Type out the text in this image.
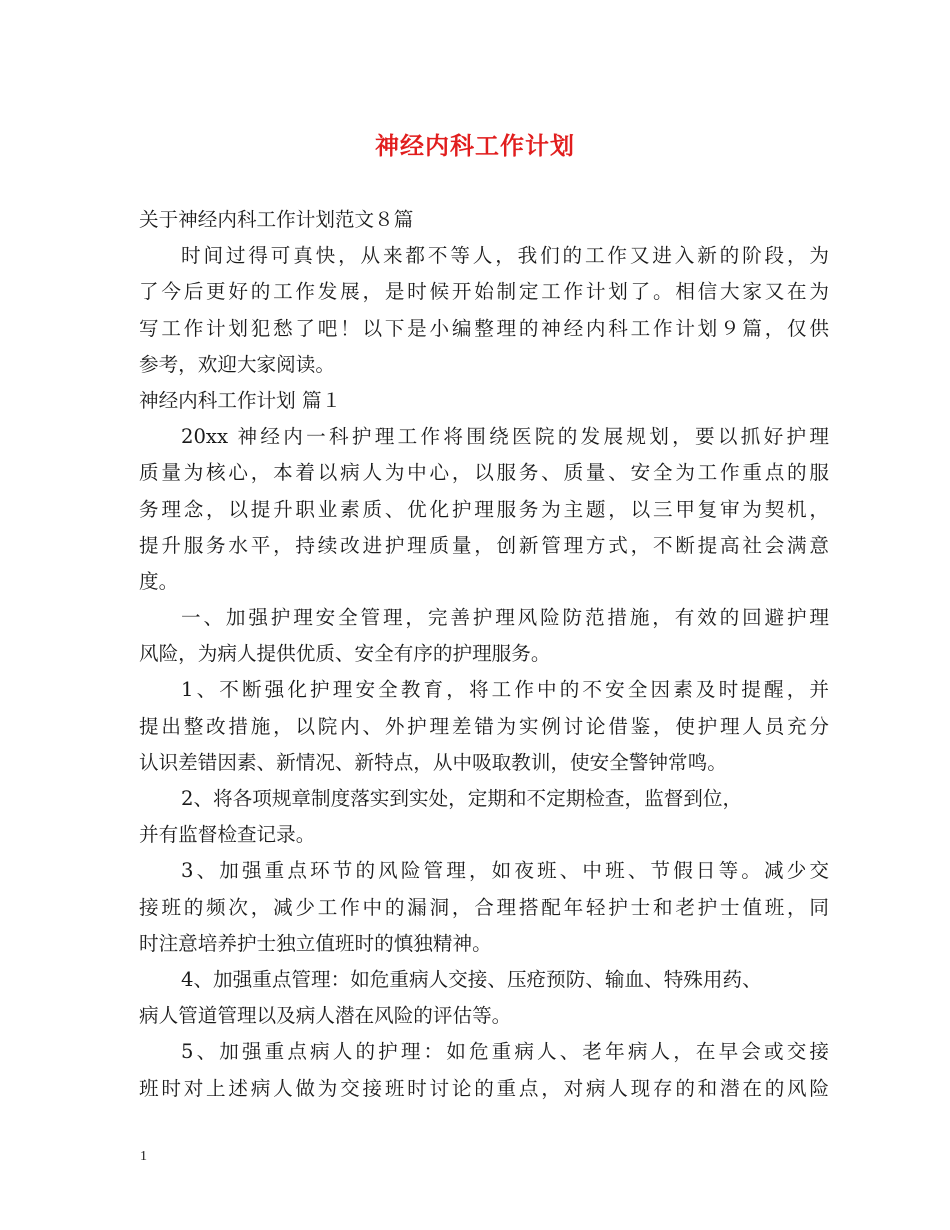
神经内科工作计划
关于神经内科工作计划范文８篇
时间过得可真快，从来都不等人，我们的工作又进入新的阶段，为
了今后更好的工作发展，是时候开始制定工作计划了。相信大家又在为
写工作计划犯愁了吧！以下是小编整理的神经内科工作计划９篇，仅供
参考，欢迎大家阅读。
神经内科工作计划 篇１
20xx 神经内一科护理工作将围绕医院的发展规划，要以抓好护理
质量为核心，本着以病人为中心，以服务、质量、安全为工作重点的服
务理念，以提升职业素质、优化护理服务为主题，以三甲复审为契机，
提升服务水平，持续改进护理质量，创新管理方式，不断提高社会满意
度。
一、加强护理安全管理，完善护理风险防范措施，有效的回避护理
风险，为病人提供优质、安全有序的护理服务。
1、不断强化护理安全教育，将工作中的不安全因素及时提醒，并
提出整改措施，以院内、外护理差错为实例讨论借鉴，使护理人员充分
认识差错因素、新情况、新特点，从中吸取教训，使安全警钟常鸣。
2、将各项规章制度落实到实处，定期和不定期检查，监督到位，
并有监督检查记录。
3、加强重点环节的风险管理，如夜班、中班、节假日等。减少交
接班的频次，减少工作中的漏洞，合理搭配年轻护士和老护士值班，同
时注意培养护士独立值班时的慎独精神。
4、加强重点管理：如危重病人交接、压疮预防、输血、特殊用药、
病人管道管理以及病人潜在风险的评估等。
5、加强重点病人的护理：如危重病人、老年病人，在早会或交接
班时对上述病人做为交接班时讨论的重点，对病人现存的和潜在的风险
1
